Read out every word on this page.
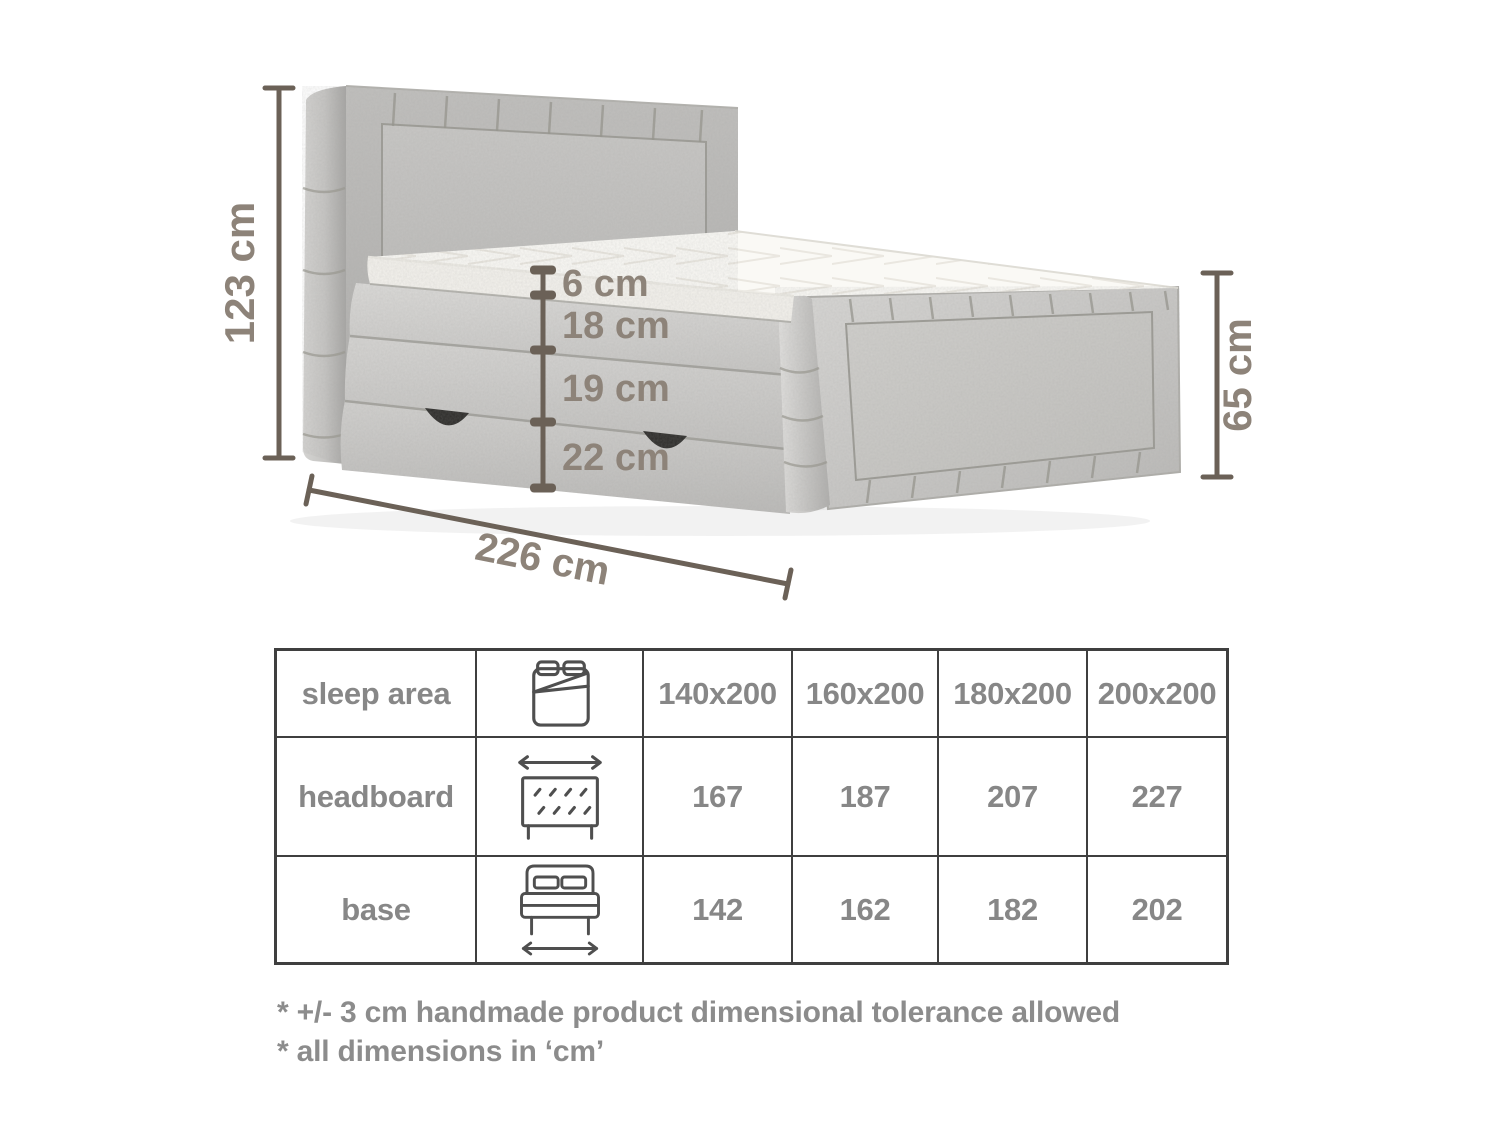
123 cm	6 cm
18 cm
19 cm
22 cm
226 cm
65 cm
sleep area	140x200 160x200 180x200 200x200
headboard	167	187	207	227
base	142	162	182	202
* +/- 3 cm handmade product dimensional tolerance allowed
* all dimensions in ‘cm’
